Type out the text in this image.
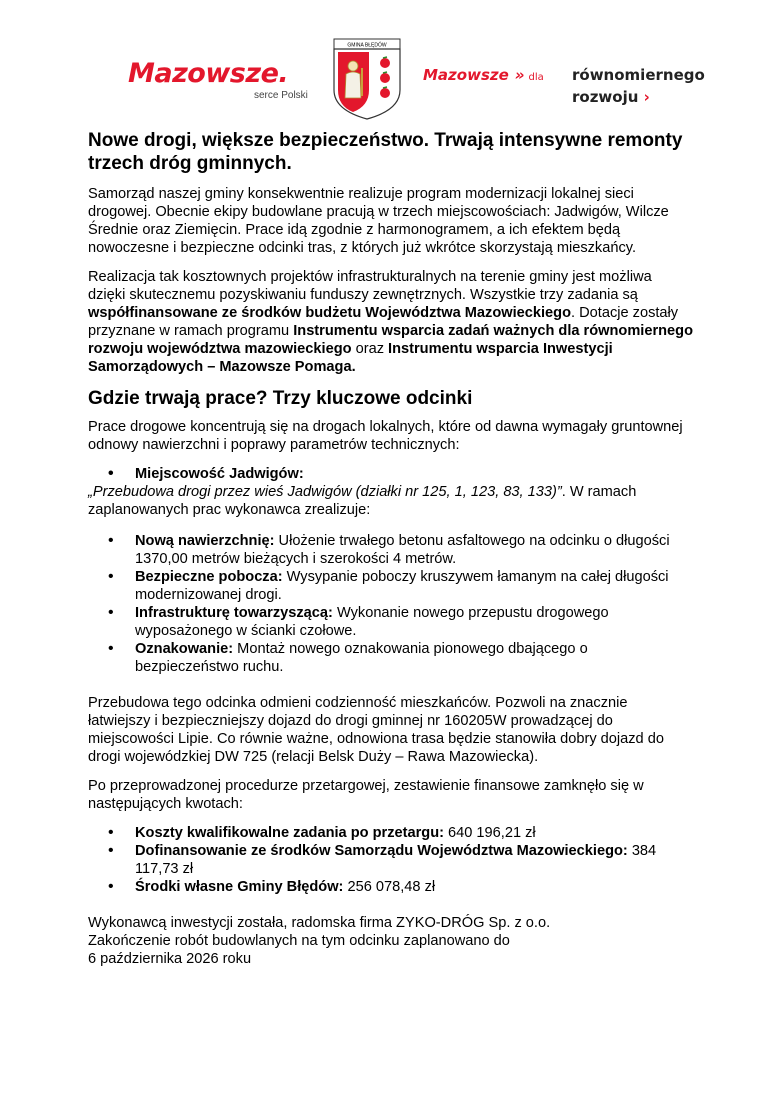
Mazowsze.
serce Polski
GMINA BŁĘDÓW
Mazowsze » dla równomiernego
rozwoju ›
Nowe drogi, większe bezpieczeństwo. Trwają intensywne remonty trzech dróg gminnych.

Samorząd naszej gminy konsekwentnie realizuje program modernizacji lokalnej sieci drogowej. Obecnie ekipy budowlane pracują w trzech miejscowościach: Jadwigów, Wilcze Średnie oraz Ziemięcin. Prace idą zgodnie z harmonogramem, a ich efektem będą nowoczesne i bezpieczne odcinki tras, z których już wkrótce skorzystają mieszkańcy.

Realizacja tak kosztownych projektów infrastrukturalnych na terenie gminy jest możliwa dzięki skutecznemu pozyskiwaniu funduszy zewnętrznych. Wszystkie trzy zadania są współfinansowane ze środków budżetu Województwa Mazowieckiego. Dotacje zostały przyznane w ramach programu Instrumentu wsparcia zadań ważnych dla równomiernego rozwoju województwa mazowieckiego oraz Instrumentu wsparcia Inwestycji Samorządowych – Mazowsze Pomaga.

Gdzie trwają prace? Trzy kluczowe odcinki

Prace drogowe koncentrują się na drogach lokalnych, które od dawna wymagały gruntownej odnowy nawierzchni i poprawy parametrów technicznych:

• Miejscowość Jadwigów:

„Przebudowa drogi przez wieś Jadwigów (działki nr 125, 1, 123, 83, 133)”. W ramach zaplanowanych prac wykonawca zrealizuje:

• Nową nawierzchnię: Ułożenie trwałego betonu asfaltowego na odcinku o długości 1370,00 metrów bieżących i szerokości 4 metrów.
• Bezpieczne pobocza: Wysypanie poboczy kruszywem łamanym na całej długości modernizowanej drogi.
• Infrastrukturę towarzyszącą: Wykonanie nowego przepustu drogowego wyposażonego w ścianki czołowe.
• Oznakowanie: Montaż nowego oznakowania pionowego dbającego o bezpieczeństwo ruchu.

Przebudowa tego odcinka odmieni codzienność mieszkańców. Pozwoli na znacznie łatwiejszy i bezpieczniejszy dojazd do drogi gminnej nr 160205W prowadzącej do miejscowości Lipie. Co równie ważne, odnowiona trasa będzie stanowiła dobry dojazd do drogi wojewódzkiej DW 725 (relacji Belsk Duży – Rawa Mazowiecka).

Po przeprowadzonej procedurze przetargowej, zestawienie finansowe zamknęło się w następujących kwotach:

• Koszty kwalifikowalne zadania po przetargu: 640 196,21 zł
• Dofinansowanie ze środków Samorządu Województwa Mazowieckiego: 384 117,73 zł
• Środki własne Gminy Błędów: 256 078,48 zł
Wykonawcą inwestycji została, radomska firma ZYKO-DRÓG Sp. z o.o.
Zakończenie robót budowlanych na tym odcinku zaplanowano do
6 października 2026 roku
